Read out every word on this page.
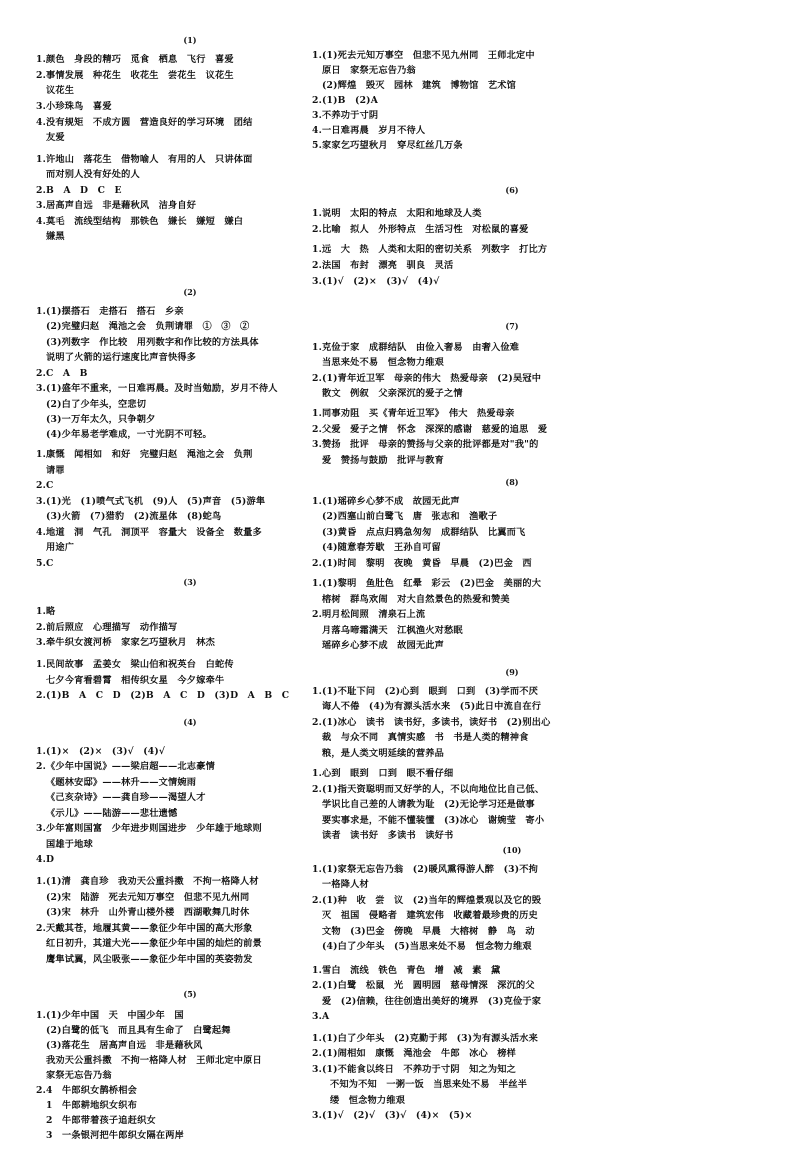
(1)
1.颜色　身段的精巧　觅食　栖息　飞行　喜爱
2.事情发展　种花生　收花生　尝花生　议花生
议花生
3.小珍珠鸟　喜爱
4.没有规矩　不成方圆　营造良好的学习环境　团结
友爱
1.许地山　落花生　借物喻人　有用的人　只讲体面
而对别人没有好处的人
2.B　A　D　C　E
3.居高声自远　非是藉秋风　洁身自好
4.莫毛　流线型结构　那铁色　嫌长　嫌短　嫌白
嫌黑
(2)
1.(1)摆搭石　走搭石　搭石　乡亲
(2)完璧归赵　渑池之会　负荆请罪　①　③　②
(3)列数字　作比较　用列数字和作比较的方法具体
说明了火箭的运行速度比声音快得多
2.C　A　B
3.(1)盛年不重来，一日难再晨。及时当勉励，岁月不待人
(2)白了少年头，空悲切
(3)一万年太久，只争朝夕
(4)少年易老学难成，一寸光阴不可轻。
1.康慨　闻相如　和好　完璧归赵　渑池之会　负荆
请罪
2.C
3.(1)光　(1)喷气式飞机　(9)人　(5)声音　(5)游隼
(3)火箭　(7)猎豹　(2)流星体　(8)蛇鸟
4.地道　洞　气孔　洞顶平　容量大　设备全　数量多
用途广
5.C
(3)
1.略
2.前后照应　心理描写　动作描写
3.牵牛织女渡河桥　家家乞巧望秋月　林杰
1.民间故事　孟姜女　梁山伯和祝英台　白蛇传
七夕今宵看碧霄　相传织女星　今夕嫁牵牛
2.(1)B　A　C　D　(2)B　A　C　D　(3)D　A　B　C
(4)
1.(1)×　(2)×　(3)√　(4)√
2.《少年中国说》——梁启超——北志豪情
《题林安邸》——林升——文情婉雨
《己亥杂诗》——龚自珍——渴望人才
《示儿》——陆游——悲壮遗憾
3.少年富则国富　少年进步则国进步　少年雄于地球则
国雄于地球
4.D
1.(1)清　龚自珍　我劝天公重抖擞　不拘一格降人材
(2)宋　陆游　死去元知万事空　但悲不见九州同
(3)宋　林升　山外青山楼外楼　西湖歌舞几时休
2.天戴其苍，地履其黄——象征少年中国的高大形象
红日初升，其道大光——象征少年中国的灿烂的前景
鹰隼试翼，风尘吸张——象征少年中国的英姿勃发
(5)
1.(1)少年中国　天　中国少年　国
(2)白鹭的低飞　而且具有生命了　白鹭起舞
(3)落花生　居高声自远　非是藉秋风
我劝天公重抖擞　不拘一格降人材　王师北定中原日
家祭无忘告乃翁
2.4　牛郎织女鹊桥相会
1　牛郎耕地织女织布
2　牛郎带着孩子追赶织女
3　一条银河把牛郎织女隔在两岸
1.(1)死去元知万事空　但悲不见九州同　王师北定中
原日　家祭无忘告乃翁
(2)辉煌　毁灭　园林　建筑　博物馆　艺术馆
2.(1)B　(2)A
3.不养功于寸阴
4.一日难再晨　岁月不待人
5.家家乞巧望秋月　穿尽红丝几万条
(6)
1.说明　太阳的特点　太阳和地球及人类
2.比喻　拟人　外形特点　生活习性　对松鼠的喜爱
1.远　大　热　人类和太阳的密切关系　列数字　打比方
2.法国　布封　漂亮　驯良　灵活
3.(1)√　(2)×　(3)√　(4)√
(7)
1.克俭于家　成群结队　由俭入奢易　由奢入俭难
当思来处不易　恒念物力维艰
2.(1)青年近卫军　母亲的伟大　热爱母亲　(2)吴冠中
散文　例叙　父亲深沉的爱子之情
1.同事劝阻　买《青年近卫军》　伟大　热爱母亲
2.父爱　爱子之情　怀念　深深的感谢　慈爱的追思　爱
3.赞扬　批评　母亲的赞扬与父亲的批评都是对"我"的
爱　赞扬与鼓励　批评与教育
(8)
1.(1)瑶碎乡心梦不成　故园无此声
(2)西塞山前白鹭飞　唐　张志和　渔歌子
(3)黄昏　点点归鸦急匆匆　成群结队　比翼而飞
(4)随意春芳歇　王孙自可留
2.(1)时间　黎明　夜晚　黄昏　早晨　(2)巴金　西
1.(1)黎明　鱼肚色　红晕　彩云　(2)巴金　美丽的大
榕树　群鸟欢闹　对大自然景色的热爱和赞美
2.明月松间照　清泉石上流
月落乌啼霜满天　江枫渔火对愁眠
瑶碎乡心梦不成　故园无此声
(9)
1.(1)不耻下问　(2)心到　眼到　口到　(3)学而不厌
诲人不倦　(4)为有源头活水来　(5)此日中流自在行
2.(1)冰心　读书　读书好，多读书，读好书　(2)别出心
裁　与众不同　真情实感　书　书是人类的精神食
粮，是人类文明延续的营养品
1.心到　眼到　口到　眼不看仔细
2.(1)指天资聪明而又好学的人，不以向地位比自己低、
学识比自己差的人请教为耻　(2)无论学习还是做事
要实事求是，不能不懂装懂　(3)冰心　谢婉莹　寄小
读者　读书好　多读书　读好书
(10)
1.(1)家祭无忘告乃翁　(2)暖风熏得游人醉　(3)不拘
一格降人材
2.(1)种　收　尝　议　(2)当年的辉煌景观以及它的毁
灭　祖国　侵略者　建筑宏伟　收藏着最珍贵的历史
文物　(3)巴金　傍晚　早晨　大榕树　静　鸟　动
(4)白了少年头　(5)当思来处不易　恒念物力维艰
1.雪白　流线　铁色　青色　增　减　素　黛
2.(1)白鹭　松鼠　光　圆明园　慈母情深　深沉的父
爱　(2)信赖，往往创造出美好的境界　(3)克俭于家
3.A
1.(1)白了少年头　(2)克勤于邦　(3)为有源头活水来
2.(1)闹相如　康慨　渑池会　牛郎　冰心　榜样
3.(1)不能食以终日　不养功于寸阴　知之为知之
不知为不知　一粥一饭　当思来处不易　半丝半
缕　恒念物力维艰
3.(1)√　(2)√　(3)√　(4)×　(5)×
